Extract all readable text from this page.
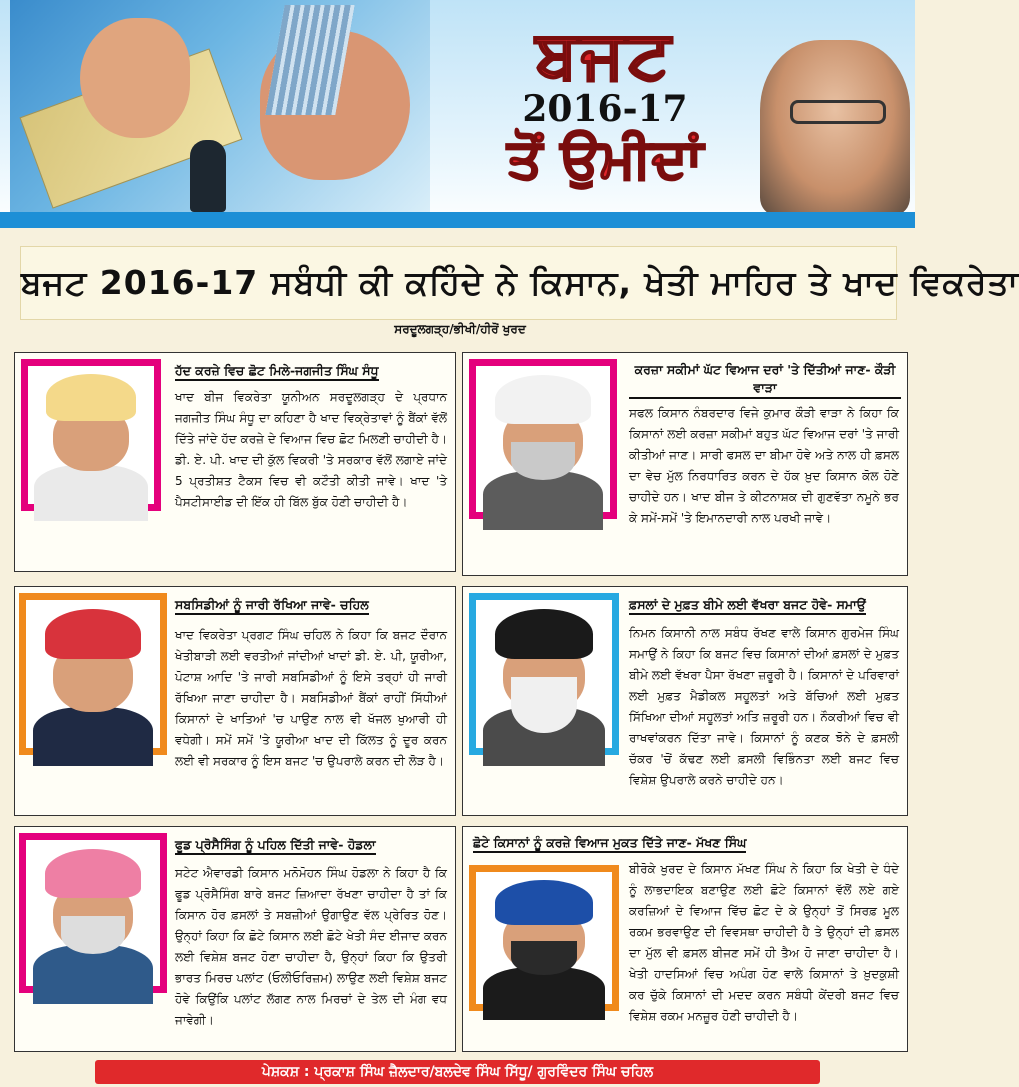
ਬਜਟ
2016-17
ਤੋਂ ਉਮੀਦਾਂ
ਬਜਟ 2016-17 ਸਬੰਧੀ ਕੀ ਕਹਿੰਦੇ ਨੇ ਕਿਸਾਨ, ਖੇਤੀ ਮਾਹਿਰ ਤੇ ਖਾਦ ਵਿਕਰੇਤਾ
ਸਰਦੂਲਗੜ੍ਹ/ਭੀਖੀ/ਹੀਰੋਂ ਖੁਰਦ
ਹੱਦ ਕਰਜ਼ੇ ਵਿਚ ਛੋਟ ਮਿਲੇ-ਜਗਜੀਤ ਸਿੰਘ ਸੰਧੂ
ਖਾਦ ਬੀਜ ਵਿਕਰੇਤਾ ਯੂਨੀਅਨ ਸਰਦੂਲਗੜ੍ਹ ਦੇ ਪ੍ਰਧਾਨ ਜਗਜੀਤ ਸਿੰਘ ਸੰਧੂ ਦਾ ਕਹਿਣਾ ਹੈ ਖਾਦ ਵਿਕ੍ਰੇਤਾਵਾਂ ਨੂੰ ਬੈਂਕਾਂ ਵੱਲੋਂ ਦਿੱਤੇ ਜਾਂਦੇ ਹੱਦ ਕਰਜ਼ੇ ਦੇ ਵਿਆਜ ਵਿਚ ਛੋਟ ਮਿਲਣੀ ਚਾਹੀਦੀ ਹੈ। ਡੀ. ਏ. ਪੀ. ਖਾਦ ਦੀ ਕੁੱਲ ਵਿਕਰੀ 'ਤੇ ਸਰਕਾਰ ਵੱਲੋਂ ਲਗਾਏ ਜਾਂਦੇ 5 ਪ੍ਰਤੀਸ਼ਤ ਟੈਕਸ ਵਿਚ ਵੀ ਕਟੌਤੀ ਕੀਤੀ ਜਾਵੇ। ਖਾਦ 'ਤੇ ਪੈਸਟੀਸਾਈਡ ਦੀ ਇੱਕ ਹੀ ਬਿੱਲ ਬੁੱਕ ਹੋਣੀ ਚਾਹੀਦੀ ਹੈ।
ਕਰਜ਼ਾ ਸਕੀਮਾਂ ਘੱਟ ਵਿਆਜ ਦਰਾਂ 'ਤੇ ਦਿੱਤੀਆਂ ਜਾਣ- ਕੌੜੀ ਵਾੜਾ
ਸਫਲ ਕਿਸਾਨ ਨੰਬਰਦਾਰ ਵਿਜੇ ਕੁਮਾਰ ਕੌੜੀ ਵਾੜਾ ਨੇ ਕਿਹਾ ਕਿ ਕਿਸਾਨਾਂ ਲਈ ਕਰਜ਼ਾ ਸਕੀਮਾਂ ਬਹੁਤ ਘੱਟ ਵਿਆਜ ਦਰਾਂ 'ਤੇ ਜਾਰੀ ਕੀਤੀਆਂ ਜਾਣ। ਸਾਰੀ ਫਸਲ ਦਾ ਬੀਮਾ ਹੋਵੇ ਅਤੇ ਨਾਲ ਹੀ ਫ਼ਸਲ ਦਾ ਵੇਚ ਮੁੱਲ ਨਿਰਧਾਰਿਤ ਕਰਨ ਦੇ ਹੱਕ ਖ਼ੁਦ ਕਿਸਾਨ ਕੋਲ ਹੋਣੇ ਚਾਹੀਦੇ ਹਨ। ਖਾਦ ਬੀਜ ਤੇ ਕੀਟਨਾਸ਼ਕ ਦੀ ਗੁਣਵੱਤਾ ਨਮੂਨੇ ਭਰ ਕੇ ਸਮੇਂ-ਸਮੇਂ 'ਤੇ ਇਮਾਨਦਾਰੀ ਨਾਲ ਪਰਖੀ ਜਾਵੇ।
ਸਬਸਿਡੀਆਂ ਨੂੰ ਜਾਰੀ ਰੱਖਿਆ ਜਾਵੇ- ਚਹਿਲ
ਖਾਦ ਵਿਕਰੇਤਾ ਪ੍ਰਗਟ ਸਿੰਘ ਚਹਿਲ ਨੇ ਕਿਹਾ ਕਿ ਬਜਟ ਦੌਰਾਨ ਖੇਤੀਬਾੜੀ ਲਈ ਵਰਤੀਆਂ ਜਾਂਦੀਆਂ ਖਾਦਾਂ ਡੀ. ਏ. ਪੀ, ਯੂਰੀਆ, ਪੋਟਾਸ਼ ਆਦਿ 'ਤੇ ਜਾਰੀ ਸਬਸਿਡੀਆਂ ਨੂੰ ਇਸੇ ਤਰ੍ਹਾਂ ਹੀ ਜਾਰੀ ਰੱਖਿਆ ਜਾਣਾ ਚਾਹੀਦਾ ਹੈ। ਸਬਸਿਡੀਆਂ ਬੈਂਕਾਂ ਰਾਹੀਂ ਸਿੱਧੀਆਂ ਕਿਸਾਨਾਂ ਦੇ ਖਾਤਿਆਂ 'ਚ ਪਾਉਣ ਨਾਲ ਵੀ ਖੱਜਲ ਖੁਆਰੀ ਹੀ ਵਧੇਗੀ। ਸਮੇਂ ਸਮੇਂ 'ਤੇ ਯੂਰੀਆ ਖਾਦ ਦੀ ਕਿੱਲਤ ਨੂੰ ਦੂਰ ਕਰਨ ਲਈ ਵੀ ਸਰਕਾਰ ਨੂੰ ਇਸ ਬਜਟ 'ਚ ਉਪਰਾਲੇ ਕਰਨ ਦੀ ਲੋੜ ਹੈ।
ਫ਼ਸਲਾਂ ਦੇ ਮੁਫ਼ਤ ਬੀਮੇ ਲਈ ਵੱਖਰਾ ਬਜਟ ਹੋਵੇ- ਸਮਾਉਂ
ਨਿਮਨ ਕਿਸਾਨੀ ਨਾਲ ਸਬੰਧ ਰੱਖਣ ਵਾਲੇ ਕਿਸਾਨ ਗੁਰਮੇਜ ਸਿੰਘ ਸਮਾਉਂ ਨੇ ਕਿਹਾ ਕਿ ਬਜਟ ਵਿਚ ਕਿਸਾਨਾਂ ਦੀਆਂ ਫ਼ਸਲਾਂ ਦੇ ਮੁਫ਼ਤ ਬੀਮੇ ਲਈ ਵੱਖਰਾ ਪੈਸਾ ਰੱਖਣਾ ਜ਼ਰੂਰੀ ਹੈ। ਕਿਸਾਨਾਂ ਦੇ ਪਰਿਵਾਰਾਂ ਲਈ ਮੁਫ਼ਤ ਮੈਡੀਕਲ ਸਹੂਲਤਾਂ ਅਤੇ ਬੱਚਿਆਂ ਲਈ ਮੁਫ਼ਤ ਸਿੱਖਿਆ ਦੀਆਂ ਸਹੂਲਤਾਂ ਅਤਿ ਜ਼ਰੂਰੀ ਹਨ। ਨੌਕਰੀਆਂ ਵਿਚ ਵੀ ਰਾਖਵਾਂਕਰਨ ਦਿੱਤਾ ਜਾਵੇ। ਕਿਸਾਨਾਂ ਨੂੰ ਕਣਕ ਝੋਨੇ ਦੇ ਫ਼ਸਲੀ ਚੱਕਰ 'ਚੋਂ ਕੱਢਣ ਲਈ ਫ਼ਸਲੀ ਵਿਭਿੰਨਤਾ ਲਈ ਬਜਟ ਵਿਚ ਵਿਸ਼ੇਸ਼ ਉਪਰਾਲੇ ਕਰਨੇ ਚਾਹੀਦੇ ਹਨ।
ਫੂਡ ਪ੍ਰੋਸੈਸਿੰਗ ਨੂੰ ਪਹਿਲ ਦਿੱਤੀ ਜਾਵੇ- ਹੋਡਲਾ
ਸਟੇਟ ਐਵਾਰਡੀ ਕਿਸਾਨ ਮਨੋਮੋਹਨ ਸਿੰਘ ਹੋਡਲਾ ਨੇ ਕਿਹਾ ਹੈ ਕਿ ਫੂਡ ਪ੍ਰੋਸੈਸਿੰਗ ਬਾਰੇ ਬਜਟ ਜ਼ਿਆਦਾ ਰੱਖਣਾ ਚਾਹੀਦਾ ਹੈ ਤਾਂ ਕਿ ਕਿਸਾਨ ਹੋਰ ਫ਼ਸਲਾਂ ਤੇ ਸਬਜ਼ੀਆਂ ਉਗਾਉਣ ਵੱਲ ਪ੍ਰੇਰਿਤ ਹੋਣ। ਉਨ੍ਹਾਂ ਕਿਹਾ ਕਿ ਛੋਟੇ ਕਿਸਾਨ ਲਈ ਛੋਟੇ ਖੇਤੀ ਸੰਦ ਈਜਾਦ ਕਰਨ ਲਈ ਵਿਸ਼ੇਸ਼ ਬਜਟ ਹੋਣਾ ਚਾਹੀਦਾ ਹੈ, ਉਨ੍ਹਾਂ ਕਿਹਾ ਕਿ ਉਤਰੀ ਭਾਰਤ ਮਿਰਚ ਪਲਾਂਟ (ਓਲੀਓਰਿਜ਼ਮ) ਲਾਉਣ ਲਈ ਵਿਸ਼ੇਸ਼ ਬਜਟ ਹੋਵੇ ਕਿਉਂਕਿ ਪਲਾਂਟ ਲੱਗਣ ਨਾਲ ਮਿਰਚਾਂ ਦੇ ਤੇਲ ਦੀ ਮੰਗ ਵਧ ਜਾਵੇਗੀ।
ਛੋਟੇ ਕਿਸਾਨਾਂ ਨੂੰ ਕਰਜ਼ੇ ਵਿਆਜ ਮੁਕਤ ਦਿੱਤੇ ਜਾਣ- ਮੱਖਣ ਸਿੰਘ
ਬੀਰੋਕੇ ਖੁਰਦ ਦੇ ਕਿਸਾਨ ਮੱਖਣ ਸਿੰਘ ਨੇ ਕਿਹਾ ਕਿ ਖੇਤੀ ਦੇ ਧੰਦੇ ਨੂੰ ਲਾਭਦਾਇਕ ਬਣਾਉਣ ਲਈ ਛੋਟੇ ਕਿਸਾਨਾਂ ਵੱਲੋਂ ਲਏ ਗਏ ਕਰਜ਼ਿਆਂ ਦੇ ਵਿਆਜ ਵਿੱਚ ਛੋਟ ਦੇ ਕੇ ਉਨ੍ਹਾਂ ਤੋਂ ਸਿਰਫ਼ ਮੂਲ ਰਕਮ ਭਰਵਾਉਣ ਦੀ ਵਿਵਸਥਾ ਚਾਹੀਦੀ ਹੈ ਤੇ ਉਨ੍ਹਾਂ ਦੀ ਫ਼ਸਲ ਦਾ ਮੁੱਲ ਵੀ ਫ਼ਸਲ ਬੀਜਣ ਸਮੇਂ ਹੀ ਤੈਅ ਹੋ ਜਾਣਾ ਚਾਹੀਦਾ ਹੈ। ਖੇਤੀ ਹਾਦਸਿਆਂ ਵਿਚ ਅਪੰਗ ਹੋਣ ਵਾਲੇ ਕਿਸਾਨਾਂ ਤੇ ਖ਼ੁਦਕੁਸ਼ੀ ਕਰ ਚੁੱਕੇ ਕਿਸਾਨਾਂ ਦੀ ਮਦਦ ਕਰਨ ਸਬੰਧੀ ਕੇਂਦਰੀ ਬਜਟ ਵਿਚ ਵਿਸ਼ੇਸ਼ ਰਕਮ ਮਨਜ਼ੂਰ ਹੋਣੀ ਚਾਹੀਦੀ ਹੈ।
ਪੇਸ਼ਕਸ਼ : ਪ੍ਰਕਾਸ਼ ਸਿੰਘ ਜ਼ੈਲਦਾਰ/ਬਲਦੇਵ ਸਿੰਘ ਸਿੱਧੂ/ ਗੁਰਵਿੰਦਰ ਸਿੰਘ ਚਹਿਲ
